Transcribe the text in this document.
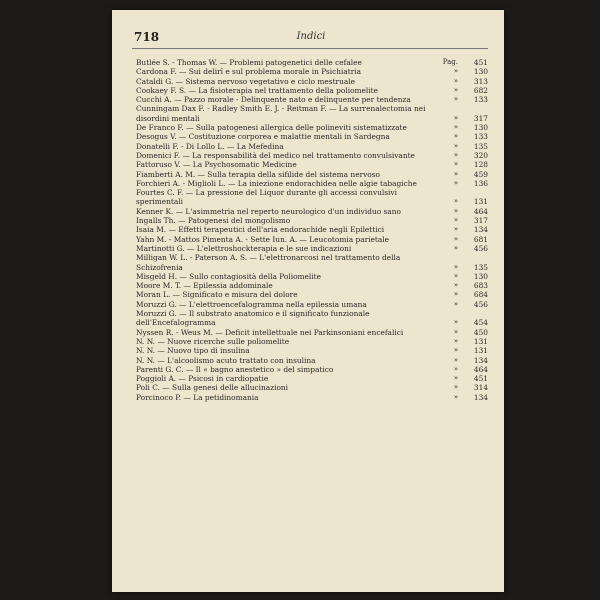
718	Indici
Butlée S. - Thomas W. — Problemi patogenetici delle cefalee	Pag.	451
Cardona F. — Sui delirî e sul problema morale in Psichiatria	»	130
Cataldi G. — Sistema nervoso vegetativo e ciclo mestruale	»	313
Cookaey F. S. — La fisioterapia nel trattamento della poliomelite	»	682
Cucchi A. — Pazzo morale - Delinquente nato e delinquente per tendenza	»	133
Cunningam Dax F. - Radley Smith E. J. - Reitman F. — La surrenalectomia nei disordini mentali	»	317
De Franco F. — Sulla patogenesi allergica delle polineviti sistematizzate	»	130
Desogus V. — Costituzione corporea e malattie mentali in Sardegna	»	133
Donatelli F. - Di Lollo L. — La Mefedina	»	135
Domenici F. — La responsabilità del medico nel trattamento convulsivante	»	320
Fattoruso V. — La Psychosomatic Medicine	»	128
Fiamberti A. M. — Sulla terapia della sifilide del sistema nervoso	»	459
Forchieri A. - Miglioli L. — La iniezione endorachidea nelle algie tabagiche	»	136
Fourtes C. F. — La pressione del Liquor durante gli accessi convulsivi sperimentali	»	131
Kenner K. — L'asimmetria nel reperto neurologico d'un individuo sano	»	464
Ingalls Th. — Patogenesi del mongolismo	»	317
Isaia M. — Effetti terapeutici dell'aria endorachide negli Epilettici	»	134
Yahn M. - Mattos Pimenta A. - Sette Iun. A. — Leucotomia parietale	»	681
Martinotti G. — L'elettroshockterapia e le sue indicazioni	»	456
Milligan W. L. - Paterson A. S. — L'elettronarcosi nel trattamento della Schizofrenia	»	135
Misgeld H. — Sullo contagiosità della Poliomelite	»	130
Moore M. T. — Epilessia addominale	»	683
Moran L. — Significato e misura del dolore	»	684
Moruzzi G. — L'elettroencefalogramma nella epilessia umana	»	456
Moruzzi G. — Il substrato anatomico e il significato funzionale dell'Encefalogramma	»	454
Nyssen R. - Weus M. — Deficit intellettuale nei Parkinsoniani encefalici	»	450
N. N. — Nuove ricerche sulle poliomelite	»	131
N. N. — Nuovo tipo di insulina	»	131
N. N. — L'alcoolismo acuto trattato con insulina	»	134
Parenti G. C. — Il « bagno anestetico » del simpatico	»	464
Poggioli A. — Psicosi in cardiopatie	»	451
Poli C. — Sulla genesi delle allucinazioni	»	314
Porcinoco P. — La petidinomania	»	134
